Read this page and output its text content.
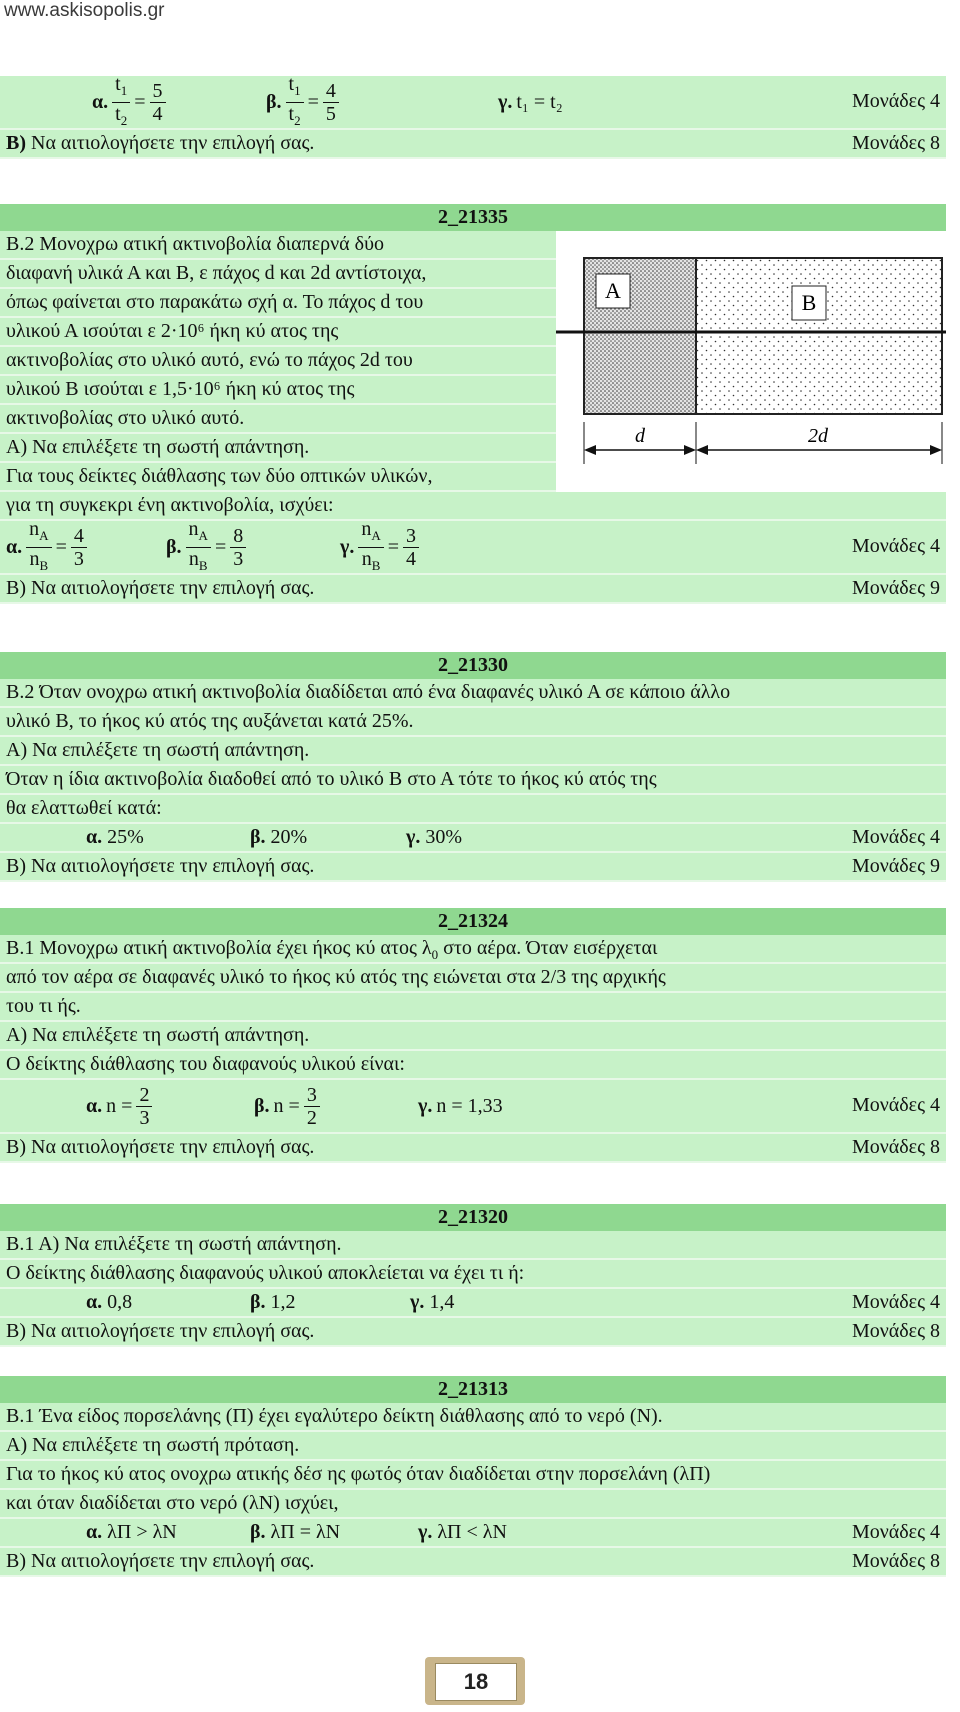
www.askisopolis.gr
α. $\frac{t_1}{t_2} = \frac{5}{4}$	β. $\frac{t_1}{t_2} = \frac{4}{5}$	γ. t₁ = t₂	Μονάδες 4
Β) Να αιτιολογήσετε την επιλογή σας.	Μονάδες 8
2_21335
Β.2 Μονοχρω ατική ακτινοβολία διαπερνά δύο
διαφανή υλικά Α και Β, ε πάχος d και 2d αντίστοιχα,
όπως φαίνεται στο παρακάτω σχή α. Το πάχος d του
υλικού Α ισούται ε 2·10⁶ ήκη κύ ατος της
ακτινοβολίας στο υλικό αυτό, ενώ το πάχος 2d του
υλικού Β ισούται ε 1,5·10⁶ ήκη κύ ατος της
ακτινοβολίας στο υλικό αυτό.
Α) Να επιλέξετε τη σωστή απάντηση.
Για τους δείκτες διάθλασης των δύο οπτικών υλικών,
για τη συγκεκρι ένη ακτινοβολία, ισχύει:
α. $\frac{n_A}{n_B} = \frac{4}{3}$	β. $\frac{n_A}{n_B} = \frac{8}{3}$	γ. $\frac{n_A}{n_B} = \frac{3}{4}$	Μονάδες 4
Β) Να αιτιολογήσετε την επιλογή σας.	Μονάδες 9
A	B
d	2d
2_21330
Β.2 Όταν ονοχρω ατική ακτινοβολία διαδίδεται από ένα διαφανές υλικό Α σε κάποιο άλλο
υλικό Β, το ήκος κύ ατός της αυξάνεται κατά 25%.
Α) Να επιλέξετε τη σωστή απάντηση.
Όταν η ίδια ακτινοβολία διαδοθεί από το υλικό Β στο Α τότε το ήκος κύ ατός της
θα ελαττωθεί κατά:
α. 25%	β. 20%	γ. 30%	Μονάδες 4
Β) Να αιτιολογήσετε την επιλογή σας.	Μονάδες 9
2_21324
Β.1 Μονοχρω ατική ακτινοβολία έχει ήκος κύ ατος $\lambda_0$ στο αέρα. Όταν εισέρχεται
από τον αέρα σε διαφανές υλικό το ήκος κύ ατός της ειώνεται στα 2/3 της αρχικής
του τι ής.
Α) Να επιλέξετε τη σωστή απάντηση.
Ο δείκτης διάθλασης του διαφανούς υλικού είναι:
α. $n = \frac{2}{3}$	β. $n = \frac{3}{2}$	γ. n = 1,33	Μονάδες 4
Β) Να αιτιολογήσετε την επιλογή σας.	Μονάδες 8
2_21320
Β.1 Α) Να επιλέξετε τη σωστή απάντηση.
Ο δείκτης διάθλασης διαφανούς υλικού αποκλείεται να έχει τι ή:
α. 0,8	β. 1,2	γ. 1,4	Μονάδες 4
Β) Να αιτιολογήσετε την επιλογή σας.	Μονάδες 8
2_21313
Β.1 Ένα είδος πορσελάνης (Π) έχει εγαλύτερο δείκτη διάθλασης από το νερό (Ν).
Α) Να επιλέξετε τη σωστή πρόταση.
Για το ήκος κύ ατος ονοχρω ατικής δέσ ης φωτός όταν διαδίδεται στην πορσελάνη (λΠ)
και όταν διαδίδεται στο νερό (λΝ) ισχύει,
α. λΠ > λΝ	β. λΠ = λΝ	γ. λΠ < λΝ	Μονάδες 4
Β) Να αιτιολογήσετε την επιλογή σας.	Μονάδες 8
18
